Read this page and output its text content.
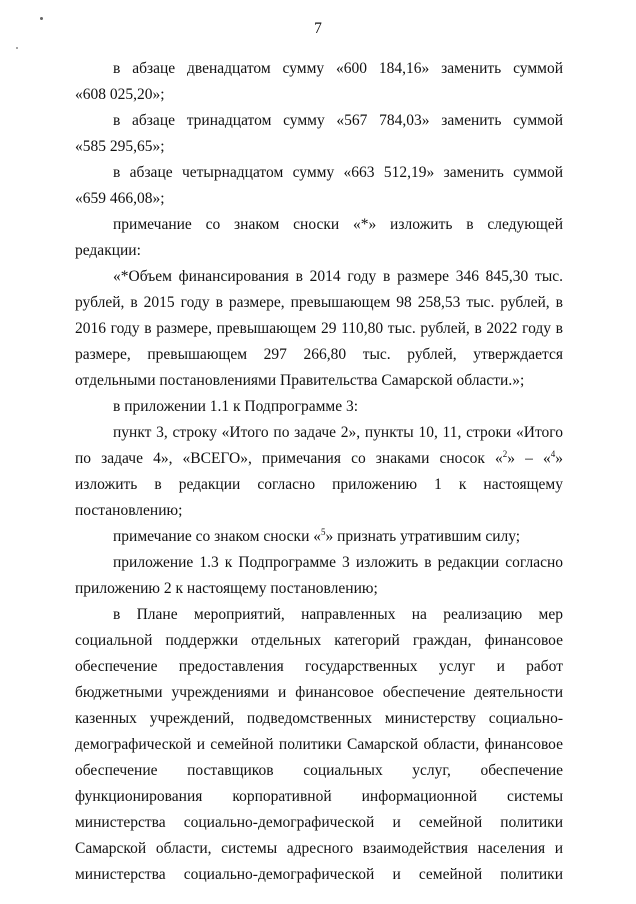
7

в абзаце двенадцатом сумму «600 184,16» заменить суммой

«608 025,20»;

в абзаце тринадцатом сумму «567 784,03» заменить суммой

«585 295,65»;

в абзаце четырнадцатом сумму «663 512,19» заменить суммой

«659 466,08»;

примечание со знаком сноски «*» изложить в следующей редакции:

«*Объем финансирования в 2014 году в размере 346 845,30 тыс. рублей, в 2015 году в размере, превышающем 98 258,53 тыс. рублей, в 2016 году в размере, превышающем 29 110,80 тыс. рублей, в 2022 году в размере, превышающем 297 266,80 тыс. рублей, утверждается отдельными постановлениями Правительства Самарской области.»;

в приложении 1.1 к Подпрограмме 3:

пункт 3, строку «Итого по задаче 2», пункты 10, 11, строки «Итого по задаче 4», «ВСЕГО», примечания со знаками сносок «$^2$» – «$^4$» изложить в редакции согласно приложению 1 к настоящему постановлению;

примечание со знаком сноски «$^5$» признать утратившим силу;

приложение 1.3 к Подпрограмме 3 изложить в редакции согласно приложению 2 к настоящему постановлению;

в Плане мероприятий, направленных на реализацию мер социальной поддержки отдельных категорий граждан, финансовое обеспечение предоставления государственных услуг и работ бюджетными учреждениями и финансовое обеспечение деятельности казенных учреждений, подведомственных министерству социально-демографической и семейной политики Самарской области, финансовое обеспечение поставщиков социальных услуг, обеспечение функционирования корпоративной информационной системы министерства социально-демографической и семейной политики Самарской области, системы адресного взаимодействия населения и министерства социально-демографической и семейной политики
